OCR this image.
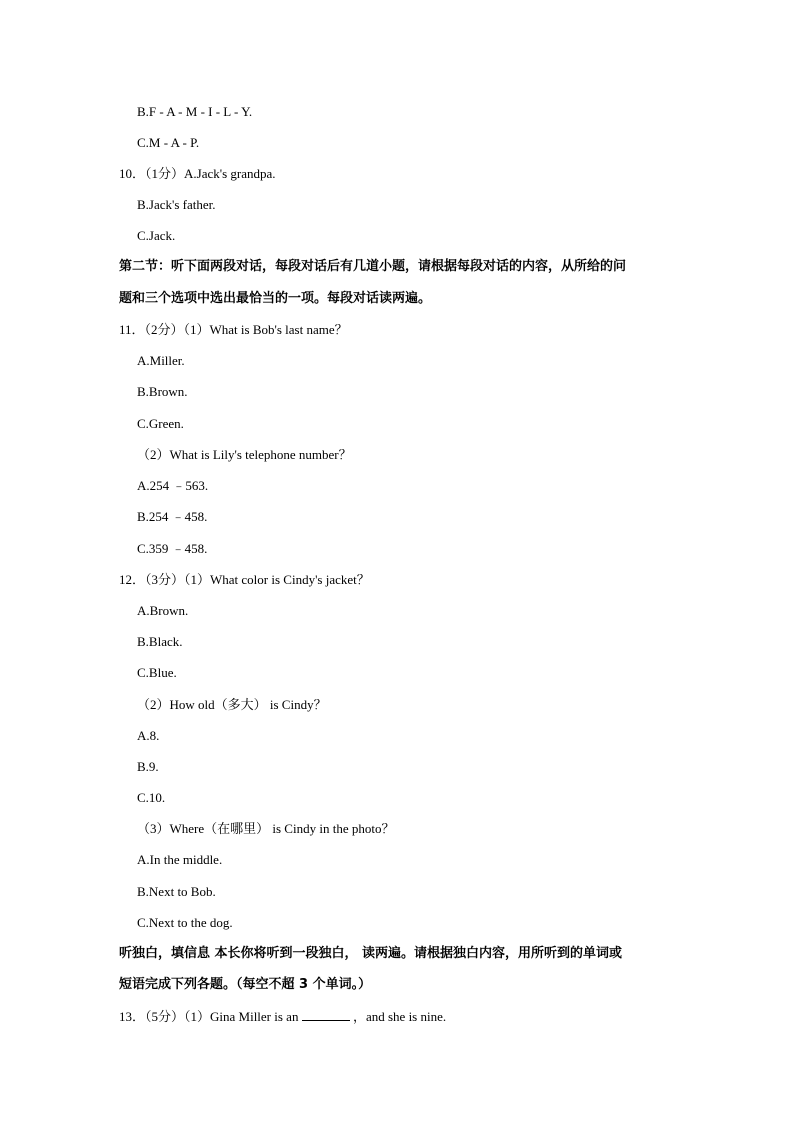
B.F - A - M - I - L - Y.
C.M - A - P.
10．（1分）A.Jack's grandpa.
B.Jack's father.
C.Jack.
第二节：听下面两段对话，每段对话后有几道小题，请根据每段对话的内容，从所给的问
题和三个选项中选出最恰当的一项。每段对话读两遍。
11．（2分）（1）What is Bob's last name？
A.Miller.
B.Brown.
C.Green.
（2）What is Lily's telephone number？
A.254 ﹣563.
B.254 ﹣458.
C.359 ﹣458.
12．（3分）（1）What color is Cindy's jacket？
A.Brown.
B.Black.
C.Blue.
（2）How old（多大） is Cindy？
A.8.
B.9.
C.10.
（3）Where（在哪里） is Cindy in the photo？
A.In the middle.
B.Next to Bob.
C.Next to the dog.
听独白，填信息 本长你将听到一段独白， 读两遍。请根据独白内容，用所听到的单词或
短语完成下列各题。（每空不超 3 个单词。）
13．（5分）（1）Gina Miller is an	，and she is nine.
